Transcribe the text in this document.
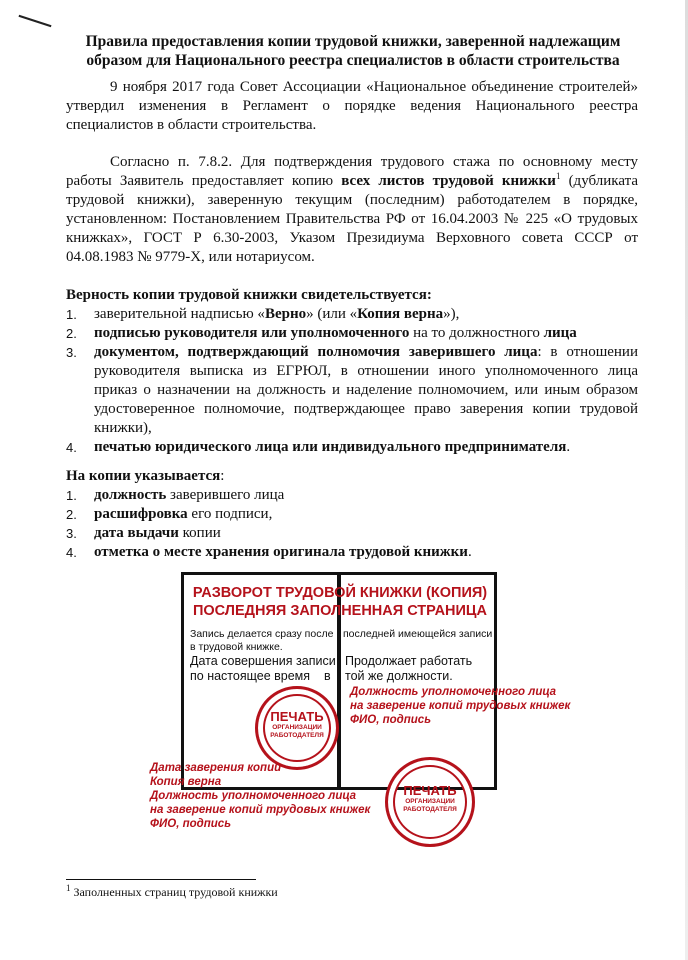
Правила предоставления копии трудовой книжки, заверенной надлежащим
образом для Национального реестра специалистов в области строительства

9 ноября 2017 года Совет Ассоциации «Национальное объединение строителей» утвердил изменения в Регламент о порядке ведения Национального реестра специалистов в области строительства.

Согласно п. 7.8.2. Для подтверждения трудового стажа по основному месту работы Заявитель предоставляет копию всех листов трудовой книжки$^1$ (дубликата трудовой книжки), заверенную текущим (последним) работодателем в порядке, установленном: Постановлением Правительства РФ от 16.04.2003 № 225 «О трудовых книжках», ГОСТ Р 6.30-2003, Указом Президиума Верховного совета СССР от 04.08.1983 № 9779-Х, или нотариусом.

Верность копии трудовой книжки свидетельствуется:
1. заверительной надписью «Верно» (или «Копия верна»),
2. подписью руководителя или уполномоченного на то должностного лица
3. документом, подтверждающий полномочия заверившего лица: в отношении руководителя выписка из ЕГРЮЛ, в отношении иного уполномоченного лица приказ о назначении на должность и наделение полномочием, или иным образом удостоверенное полномочие, подтверждающее право заверения копии трудовой книжки),
4. печатью юридического лица или индивидуального предпринимателя.
На копии указывается:
1. должность заверившего лица
2. расшифровка его подписи,
3. дата выдачи копии
4. отметка о месте хранения оригинала трудовой книжки.
РАЗВОРОТ ТРУДОВОЙ КНИЖКИ (КОПИЯ)
ПОСЛЕДНЯЯ ЗАПОЛНЕННАЯ СТРАНИЦА
Запись делается сразу после
в трудовой книжке.
Дата совершения записи
по настоящее время в
последней имеющейся записи
Продолжает работать
той же должности.
Должность уполномоченного лица
на заверение копий трудовых книжек
ФИО, подпись
ПЕЧАТЬ
ОРГАНИЗАЦИИ
РАБОТОДАТЕЛЯ
Дата заверения копии
Копия верна
Должность уполномоченного лица
на заверение копий трудовых книжек
ФИО, подпись
ПЕЧАТЬ
ОРГАНИЗАЦИИ
РАБОТОДАТЕЛЯ
$^1$ Заполненных страниц трудовой книжки
